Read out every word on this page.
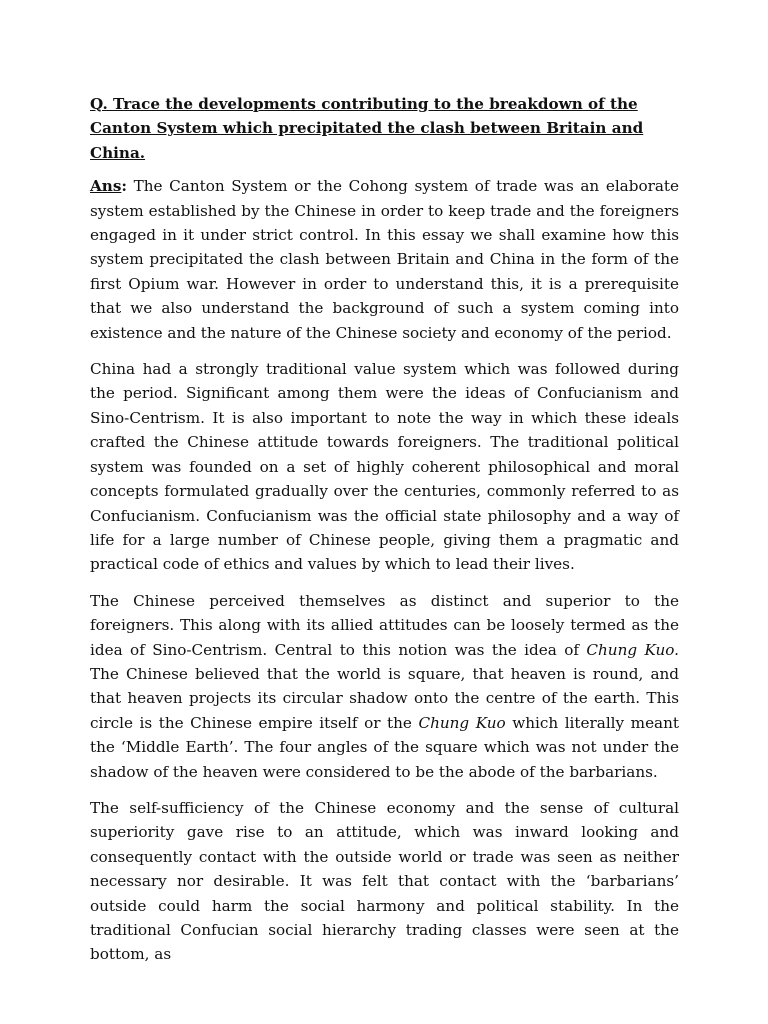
Q. Trace the developments contributing to the breakdown of the Canton System which precipitated the clash between Britain and China.

Ans: The Canton System or the Cohong system of trade was an elaborate system established by the Chinese in order to keep trade and the foreigners engaged in it under strict control. In this essay we shall examine how this system precipitated the clash between Britain and China in the form of the first Opium war. However in order to understand this, it is a prerequisite that we also understand the background of such a system coming into existence and the nature of the Chinese society and economy of the period.

China had a strongly traditional value system which was followed during the period. Significant among them were the ideas of Confucianism and Sino-Centrism. It is also important to note the way in which these ideals crafted the Chinese attitude towards foreigners. The traditional political system was founded on a set of highly coherent philosophical and moral concepts formulated gradually over the centuries, commonly referred to as Confucianism. Confucianism was the official state philosophy and a way of life for a large number of Chinese people, giving them a pragmatic and practical code of ethics and values by which to lead their lives.

The Chinese perceived themselves as distinct and superior to the foreigners. This along with its allied attitudes can be loosely termed as the idea of Sino-Centrism. Central to this notion was the idea of Chung Kuo. The Chinese believed that the world is square, that heaven is round, and that heaven projects its circular shadow onto the centre of the earth. This circle is the Chinese empire itself or the Chung Kuo which literally meant the ‘Middle Earth’. The four angles of the square which was not under the shadow of the heaven were considered to be the abode of the barbarians.

The self-sufficiency of the Chinese economy and the sense of cultural superiority gave rise to an attitude, which was inward looking and consequently contact with the outside world or trade was seen as neither necessary nor desirable. It was felt that contact with the ‘barbarians’ outside could harm the social harmony and political stability. In the traditional Confucian social hierarchy trading classes were seen at the bottom, as
